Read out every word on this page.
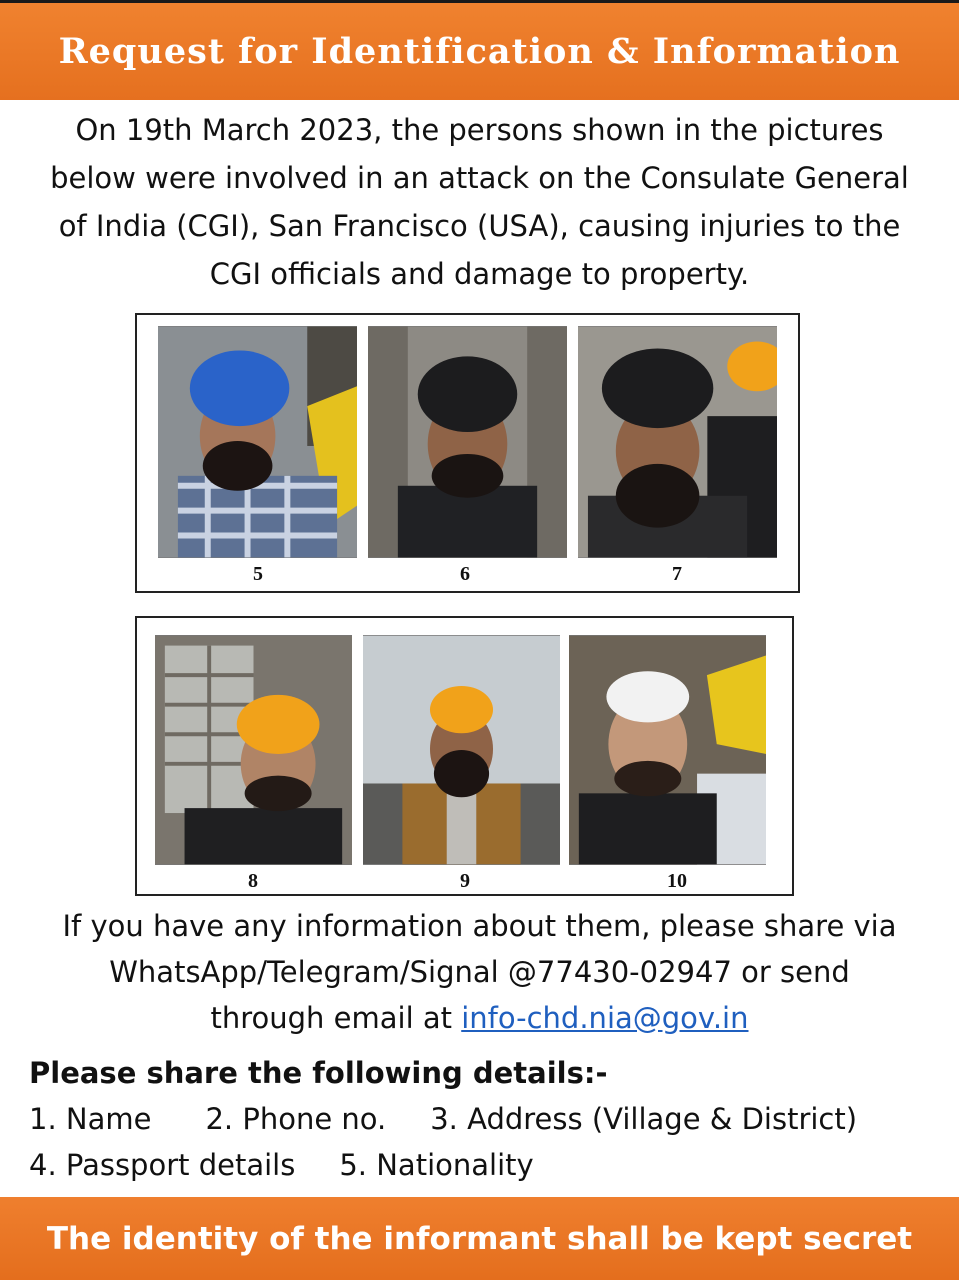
Request for Identification & Information
On 19th March 2023, the persons shown in the pictures
below were involved in an attack on the Consulate General
of India (CGI), San Francisco (USA), causing injuries to the
CGI officials and damage to property.
5	6	7
8	9	10
If you have any information about them, please share via
WhatsApp/Telegram/Signal @77430-02947 or send
through email at info-chd.nia@gov.in
Please share the following details:-
1. Name 2. Phone no. 3. Address (Village & District)
4. Passport details 5. Nationality

The identity of the informant shall be kept secret
